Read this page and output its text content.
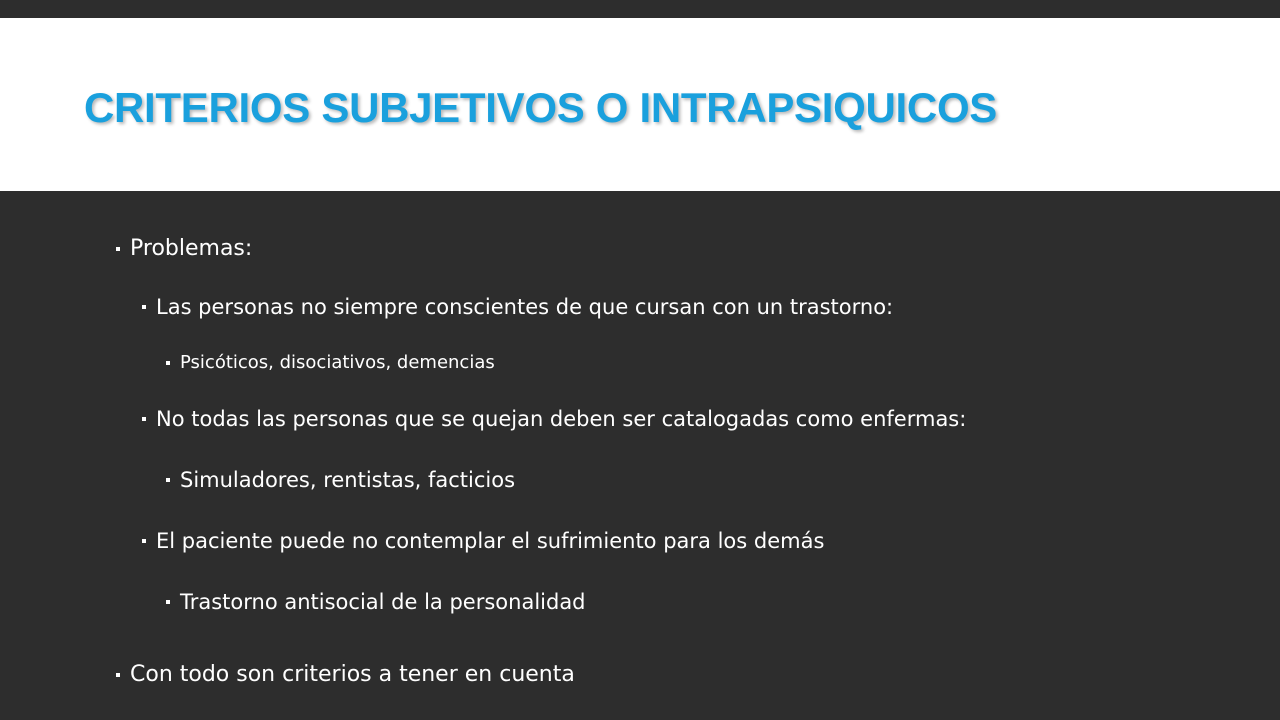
CRITERIOS SUBJETIVOS O INTRAPSIQUICOS
Problemas:
Las personas no siempre conscientes de que cursan con un trastorno:
Psicóticos, disociativos, demencias
No todas las personas que se quejan deben ser catalogadas como enfermas:
Simuladores, rentistas, facticios
El paciente puede no contemplar el sufrimiento para los demás
Trastorno antisocial de la personalidad
Con todo son criterios a tener en cuenta
